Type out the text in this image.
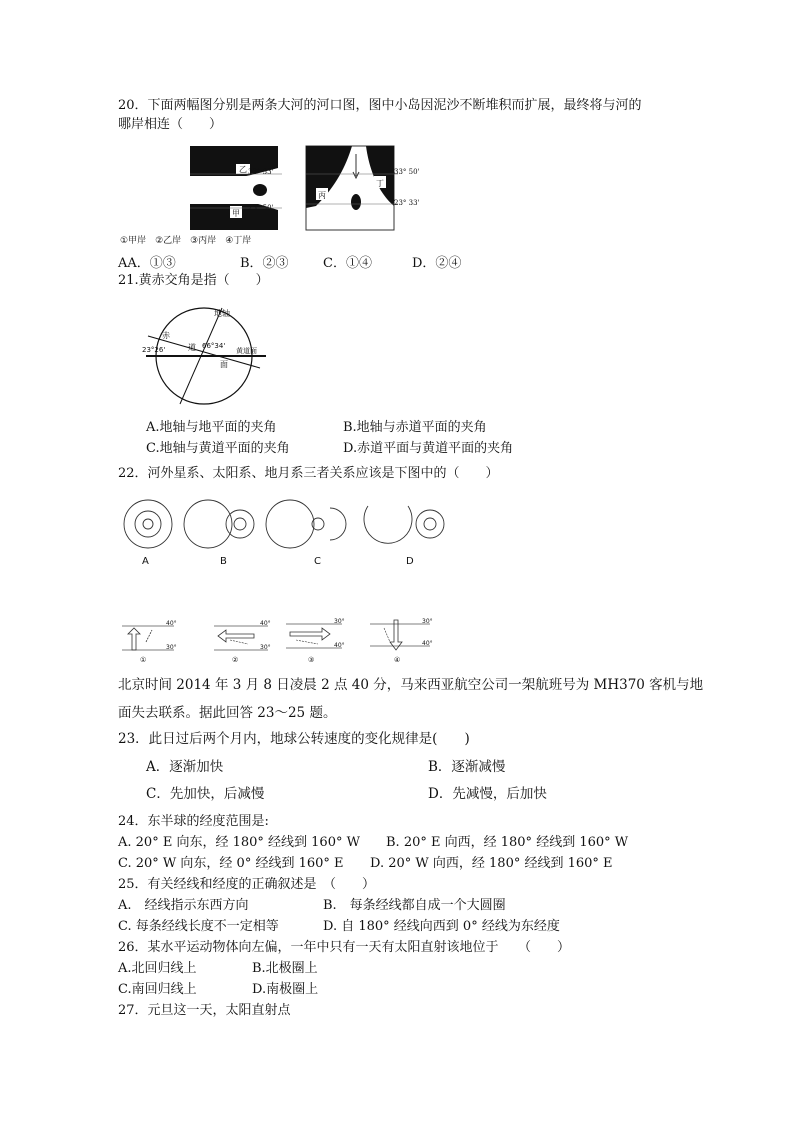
20．下面两幅图分别是两条大河的河口图，图中小岛因泥沙不断堆积而扩展，最终将与河的
哪岸相连（　　）
乙
甲
33° 33'
23° 50'
丙
丁
33° 50'
23° 33'
①甲岸　②乙岸　③丙岸　④丁岸
AA．①③	B．②③	C．①④	D．②④
21.黄赤交角是指（　　）
地轴
赤
道
23°26'	66°34'
黄道面
面
A.地轴与地平面的夹角	B.地轴与赤道平面的夹角
C.地轴与黄道平面的夹角	D.赤道平面与黄道平面的夹角
22．河外星系、太阳系、地月系三者关系应该是下图中的（　　）
A	B	C	D
40°
30°
①
40°
30°
②
30°
40°
③
30°
40°
④
北京时间 2014 年 3 月 8 日凌晨 2 点 40 分，马来西亚航空公司一架航班号为 MH370 客机与地
面失去联系。据此回答 23～25 题。
23．此日过后两个月内，地球公转速度的变化规律是(　　)
A．逐渐加快	B．逐渐减慢
C．先加快，后减慢	D．先减慢，后加快
24．东半球的经度范围是:
A. 20° E 向东，经 180° 经线到 160° W B. 20° E 向西，经 180° 经线到 160° W
C. 20° W 向东，经 0° 经线到 160° E D. 20° W 向西，经 180° 经线到 160° E
25．有关经线和经度的正确叙述是　（　　）
A.　经线指示东西方向	B.　每条经线都自成一个大圆圈
C. 每条经线长度不一定相等	D. 自 180° 经线向西到 0° 经线为东经度
26．某水平运动物体向左偏，一年中只有一天有太阳直射该地位于　　（　　）
A.北回归线上	B.北极圈上
C.南回归线上	D.南极圈上
27．元旦这一天，太阳直射点
